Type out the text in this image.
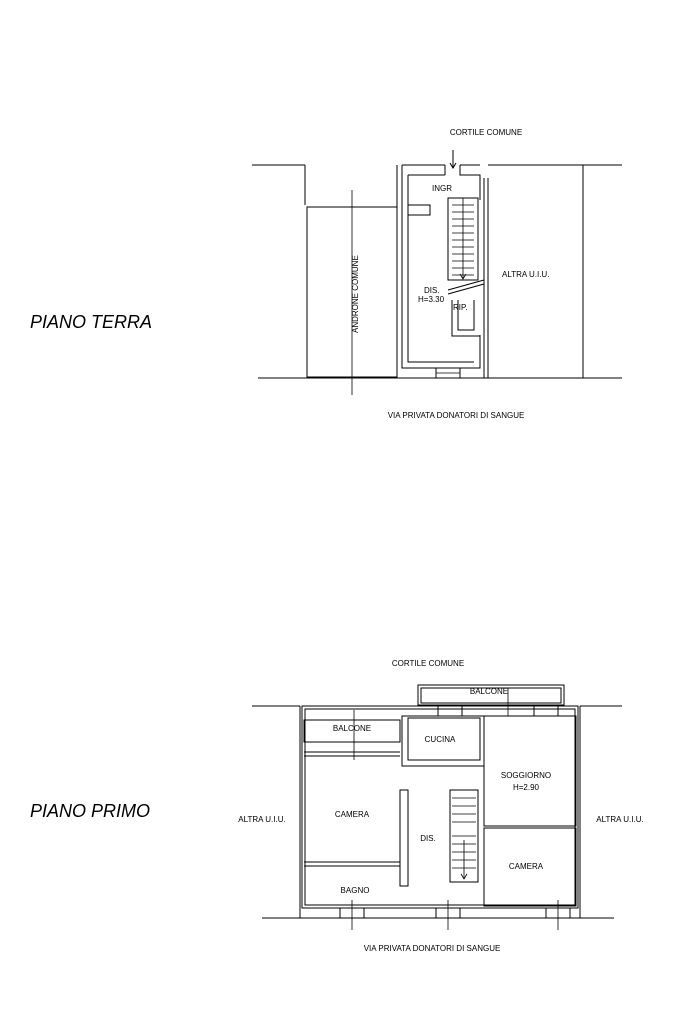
PIANO TERRA
PIANO PRIMO
CORTILE COMUNE
VIA PRIVATA DONATORI DI SANGUE
INGR
DIS.
H=3.30
RIP.
ALTRA U.I.U.
ANDRONE COMUNE
CORTILE COMUNE
VIA PRIVATA DONATORI DI SANGUE
BALCONE
BALCONE
CUCINA
SOGGIORNO
H=2.90
CAMERA
DIS.
CAMERA
BAGNO
ALTRA U.I.U.	ALTRA U.I.U.
